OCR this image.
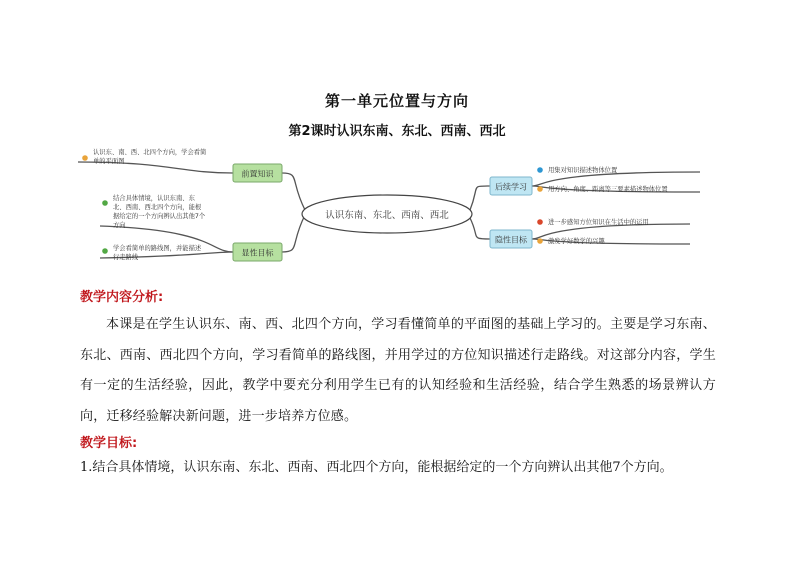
第一单元位置与方向
第2课时认识东南、东北、西南、西北
认识东南、东北、西南、西北
前置知识
显性目标
后续学习
隐性目标
认识东、南、西、北四个方向，学会看简 单的平面图
结合具体情境，认识东南、东 北、西南、西北四个方向，能根 据给定的一个方向辨认出其他7个 方向
学会看简单的路线图，并能描述 行走路线
用集对知识描述物体位置
用方向、角度、距离等三要素描述物体位置
进一步感知方位知识在生活中的运用
激发学好数学的兴趣
教学内容分析:
本课是在学生认识东、南、西、北四个方向，学习看懂简单的平面图的基础上学习的。主要是学习东南、东北、西南、西北四个方向，学习看简单的路线图，并用学过的方位知识描述行走路线。对这部分内容，学生有一定的生活经验，因此，教学中要充分利用学生已有的认知经验和生活经验，结合学生熟悉的场景辨认方向，迁移经验解决新问题，进一步培养方位感。
教学目标:
1.结合具体情境，认识东南、东北、西南、西北四个方向，能根据给定的一个方向辨认出其他7个方向。
